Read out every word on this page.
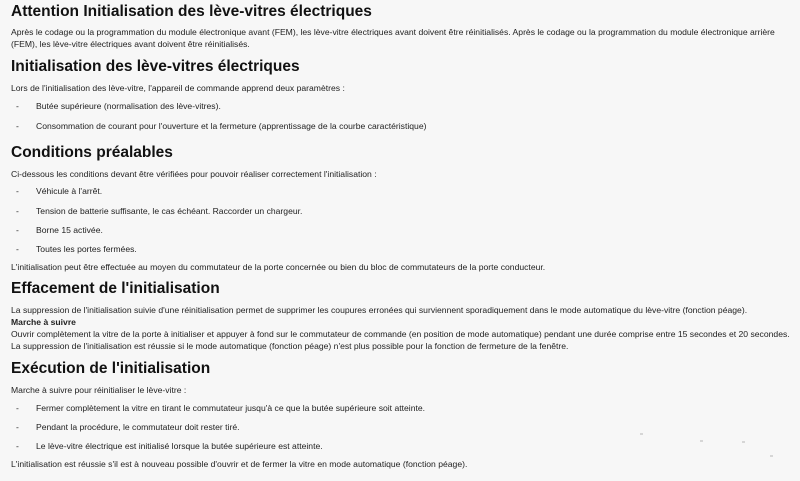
Attention Initialisation des lève-vitres électriques

Après le codage ou la programmation du module électronique avant (FEM), les lève-vitre électriques avant doivent être réinitialisés. Après le codage ou la programmation du module électronique arrière

(FEM), les lève-vitre électriques avant doivent être réinitialisés.

Initialisation des lève-vitres électriques

Lors de l'initialisation des lève-vitre, l'appareil de commande apprend deux paramètres :

- Butée supérieure (normalisation des lève-vitres).
- Consommation de courant pour l'ouverture et la fermeture (apprentissage de la courbe caractéristique)
Conditions préalables

Ci-dessous les conditions devant être vérifiées pour pouvoir réaliser correctement l'initialisation :

- Véhicule à l'arrêt.
- Tension de batterie suffisante, le cas échéant. Raccorder un chargeur.
- Borne 15 activée.
- Toutes les portes fermées.

L'initialisation peut être effectuée au moyen du commutateur de la porte concernée ou bien du bloc de commutateurs de la porte conducteur.

Effacement de l'initialisation

La suppression de l'initialisation suivie d'une réinitialisation permet de supprimer les coupures erronées qui surviennent sporadiquement dans le mode automatique du lève-vitre (fonction péage).

Marche à suivre

Ouvrir complètement la vitre de la porte à initialiser et appuyer à fond sur le commutateur de commande (en position de mode automatique) pendant une durée comprise entre 15 secondes et 20 secondes.

La suppression de l'initialisation est réussie si le mode automatique (fonction péage) n'est plus possible pour la fonction de fermeture de la fenêtre.

Exécution de l'initialisation

Marche à suivre pour réinitialiser le lève-vitre :

- Fermer complètement la vitre en tirant le commutateur jusqu'à ce que la butée supérieure soit atteinte.
- Pendant la procédure, le commutateur doit rester tiré.
- Le lève-vitre électrique est initialisé lorsque la butée supérieure est atteinte.

L'initialisation est réussie s'il est à nouveau possible d'ouvrir et de fermer la vitre en mode automatique (fonction péage).
